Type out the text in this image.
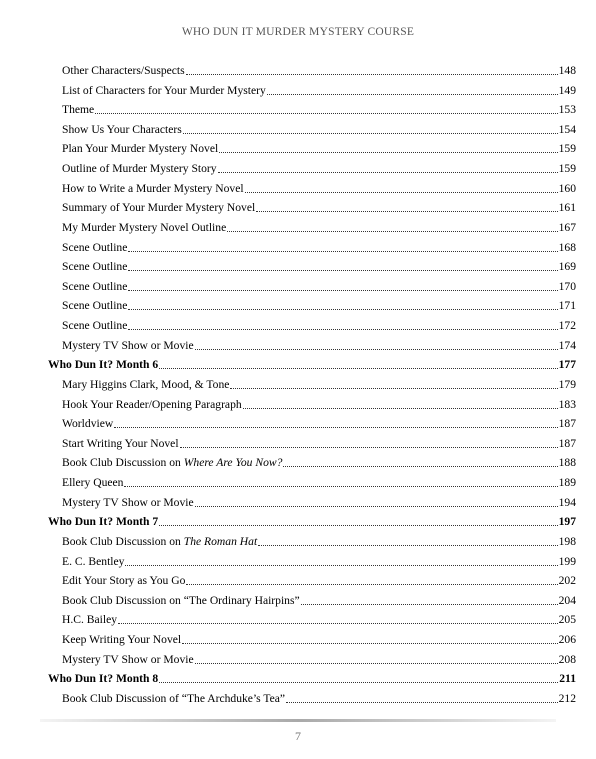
WHO DUN IT MURDER MYSTERY COURSE
Other Characters/Suspects	148
List of Characters for Your Murder Mystery	149
Theme	153
Show Us Your Characters	154
Plan Your Murder Mystery Novel	159
Outline of Murder Mystery Story	159
How to Write a Murder Mystery Novel	160
Summary of Your Murder Mystery Novel	161
My Murder Mystery Novel Outline	167
Scene Outline	168
Scene Outline	169
Scene Outline	170
Scene Outline	171
Scene Outline	172
Mystery TV Show or Movie	174
Who Dun It? Month 6	177
Mary Higgins Clark, Mood, & Tone	179
Hook Your Reader/Opening Paragraph	183
Worldview	187
Start Writing Your Novel	187
Book Club Discussion on Where Are You Now?	188
Ellery Queen	189
Mystery TV Show or Movie	194
Who Dun It? Month 7	197
Book Club Discussion on The Roman Hat	198
E. C. Bentley	199
Edit Your Story as You Go	202
Book Club Discussion on “The Ordinary Hairpins”	204
H.C. Bailey	205
Keep Writing Your Novel	206
Mystery TV Show or Movie	208
Who Dun It? Month 8	211
Book Club Discussion of “The Archduke’s Tea”	212
7
